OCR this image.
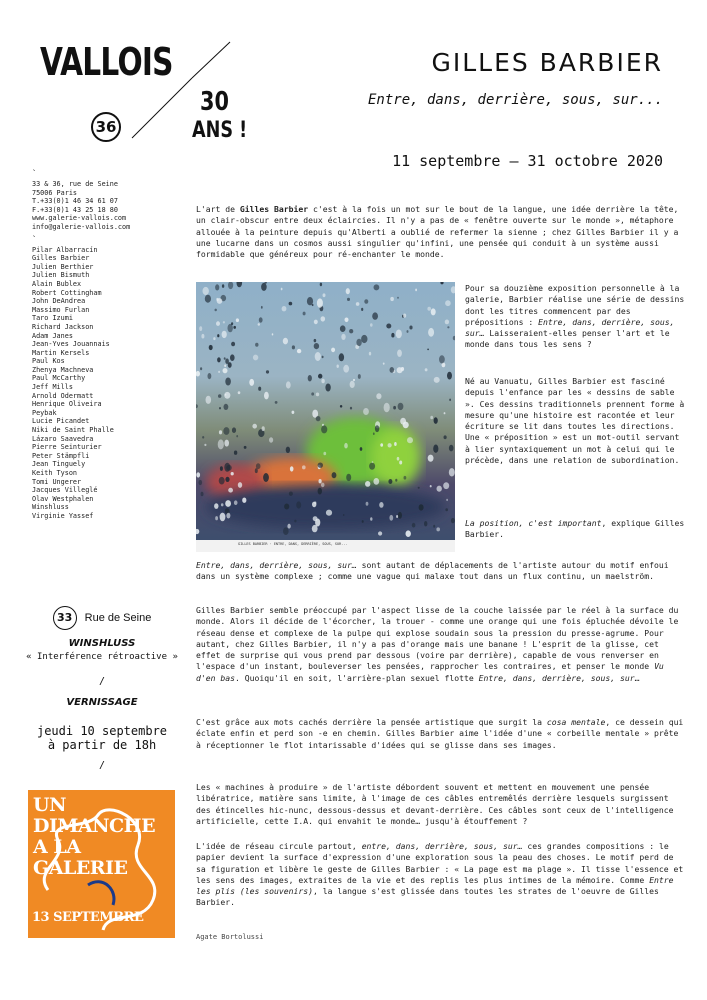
VALLOIS
36
30
ANS !
GILLES BARBIER
Entre, dans, derrière, sous, sur...
11 septembre — 31 octobre 2020
`
33 & 36, rue de Seine
75006 Paris
T.+33(0)1 46 34 61 07
F.+33(0)1 43 25 18 80
www.galerie-vallois.com
info@galerie-vallois.com
`
Pilar Albarracín
Gilles Barbier
Julien Berthier
Julien Bismuth
Alain Bublex
Robert Cottingham
John DeAndrea
Massimo Furlan
Taro Izumi
Richard Jackson
Adam Janes
Jean-Yves Jouannais
Martin Kersels
Paul Kos
Zhenya Machneva
Paul McCarthy
Jeff Mills
Arnold Odermatt
Henrique Oliveira
Peybak
Lucie Picandet
Niki de Saint Phalle
Lázaro Saavedra
Pierre Seinturier
Peter Stämpfli
Jean Tinguely
Keith Tyson
Tomi Ungerer
Jacques Villeglé
Olav Westphalen
Winshluss
Virginie Yassef
33	Rue de Seine
WINSHLUSS
« Interférence rétroactive »
/
VERNISSAGE
jeudi 10 septembre
à partir de 18h
/
UN
DIMANCHE
A LA
GALERIE
13 SEPTEMBRE
L'art de Gilles Barbier c'est à la fois un mot sur le bout de la langue, une idée derrière la tête, un clair-obscur entre deux éclaircies. Il n'y a pas de « fenêtre ouverte sur le monde », métaphore allouée à la peinture depuis qu'Alberti a oublié de refermer la sienne ; chez Gilles Barbier il y a une lucarne dans un cosmos aussi singulier qu'infini, une pensée qui conduit à un système aussi formidable que généreux pour ré-enchanter le monde.
GILLES BARBIER · ENTRE, DANS, DERRIÈRE, SOUS, SUR...
Pour sa douzième exposition personnelle à la galerie, Barbier réalise une série de dessins dont les titres commencent par des prépositions : Entre, dans, derrière, sous, sur… Laisseraient-elles penser l'art et le monde dans tous les sens ?
Né au Vanuatu, Gilles Barbier est fasciné depuis l'enfance par les « dessins de sable ». Ces dessins traditionnels prennent forme à mesure qu'une histoire est racontée et leur écriture se lit dans toutes les directions. Une « préposition » est un mot-outil servant à lier syntaxiquement un mot à celui qui le précède, dans une relation de subordination.
La position, c'est important, explique Gilles Barbier.
Entre, dans, derrière, sous, sur… sont autant de déplacements de l'artiste autour du motif enfoui dans un système complexe ; comme une vague qui malaxe tout dans un flux continu, un maelström.
Gilles Barbier semble préoccupé par l'aspect lisse de la couche laissée par le réel à la surface du monde. Alors il décide de l'écorcher, la trouer - comme une orange qui une fois épluchée dévoile le réseau dense et complexe de la pulpe qui explose soudain sous la pression du presse-agrume. Pour autant, chez Gilles Barbier, il n'y a pas d'orange mais une banane ! L'esprit de la glisse, cet effet de surprise qui vous prend par dessous (voire par derrière), capable de vous renverser en l'espace d'un instant, bouleverser les pensées, rapprocher les contraires, et penser le monde Vu d'en bas. Quoiqu'il en soit, l'arrière-plan sexuel flotte Entre, dans, derrière, sous, sur…
C'est grâce aux mots cachés derrière la pensée artistique que surgit la cosa mentale, ce dessein qui éclate enfin et perd son -e en chemin. Gilles Barbier aime l'idée d'une « corbeille mentale » prête à réceptionner le flot intarissable d'idées qui se glisse dans ses images.
Les « machines à produire » de l'artiste débordent souvent et mettent en mouvement une pensée libératrice, matière sans limite, à l'image de ces câbles entremêlés derrière lesquels surgissent des étincelles hic-nunc, dessous-dessus et devant-derrière. Ces câbles sont ceux de l'intelligence artificielle, cette I.A. qui envahit le monde… jusqu'à étouffement ?
L'idée de réseau circule partout, entre, dans, derrière, sous, sur… ces grandes compositions : le papier devient la surface d'expression d'une exploration sous la peau des choses. Le motif perd de sa figuration et libère le geste de Gilles Barbier : « La page est ma plage ». Il tisse l'essence et les sens des images, extraites de la vie et des replis les plus intimes de la mémoire. Comme Entre les plis (les souvenirs), la langue s'est glissée dans toutes les strates de l'oeuvre de Gilles Barbier.
Agate Bortolussi
